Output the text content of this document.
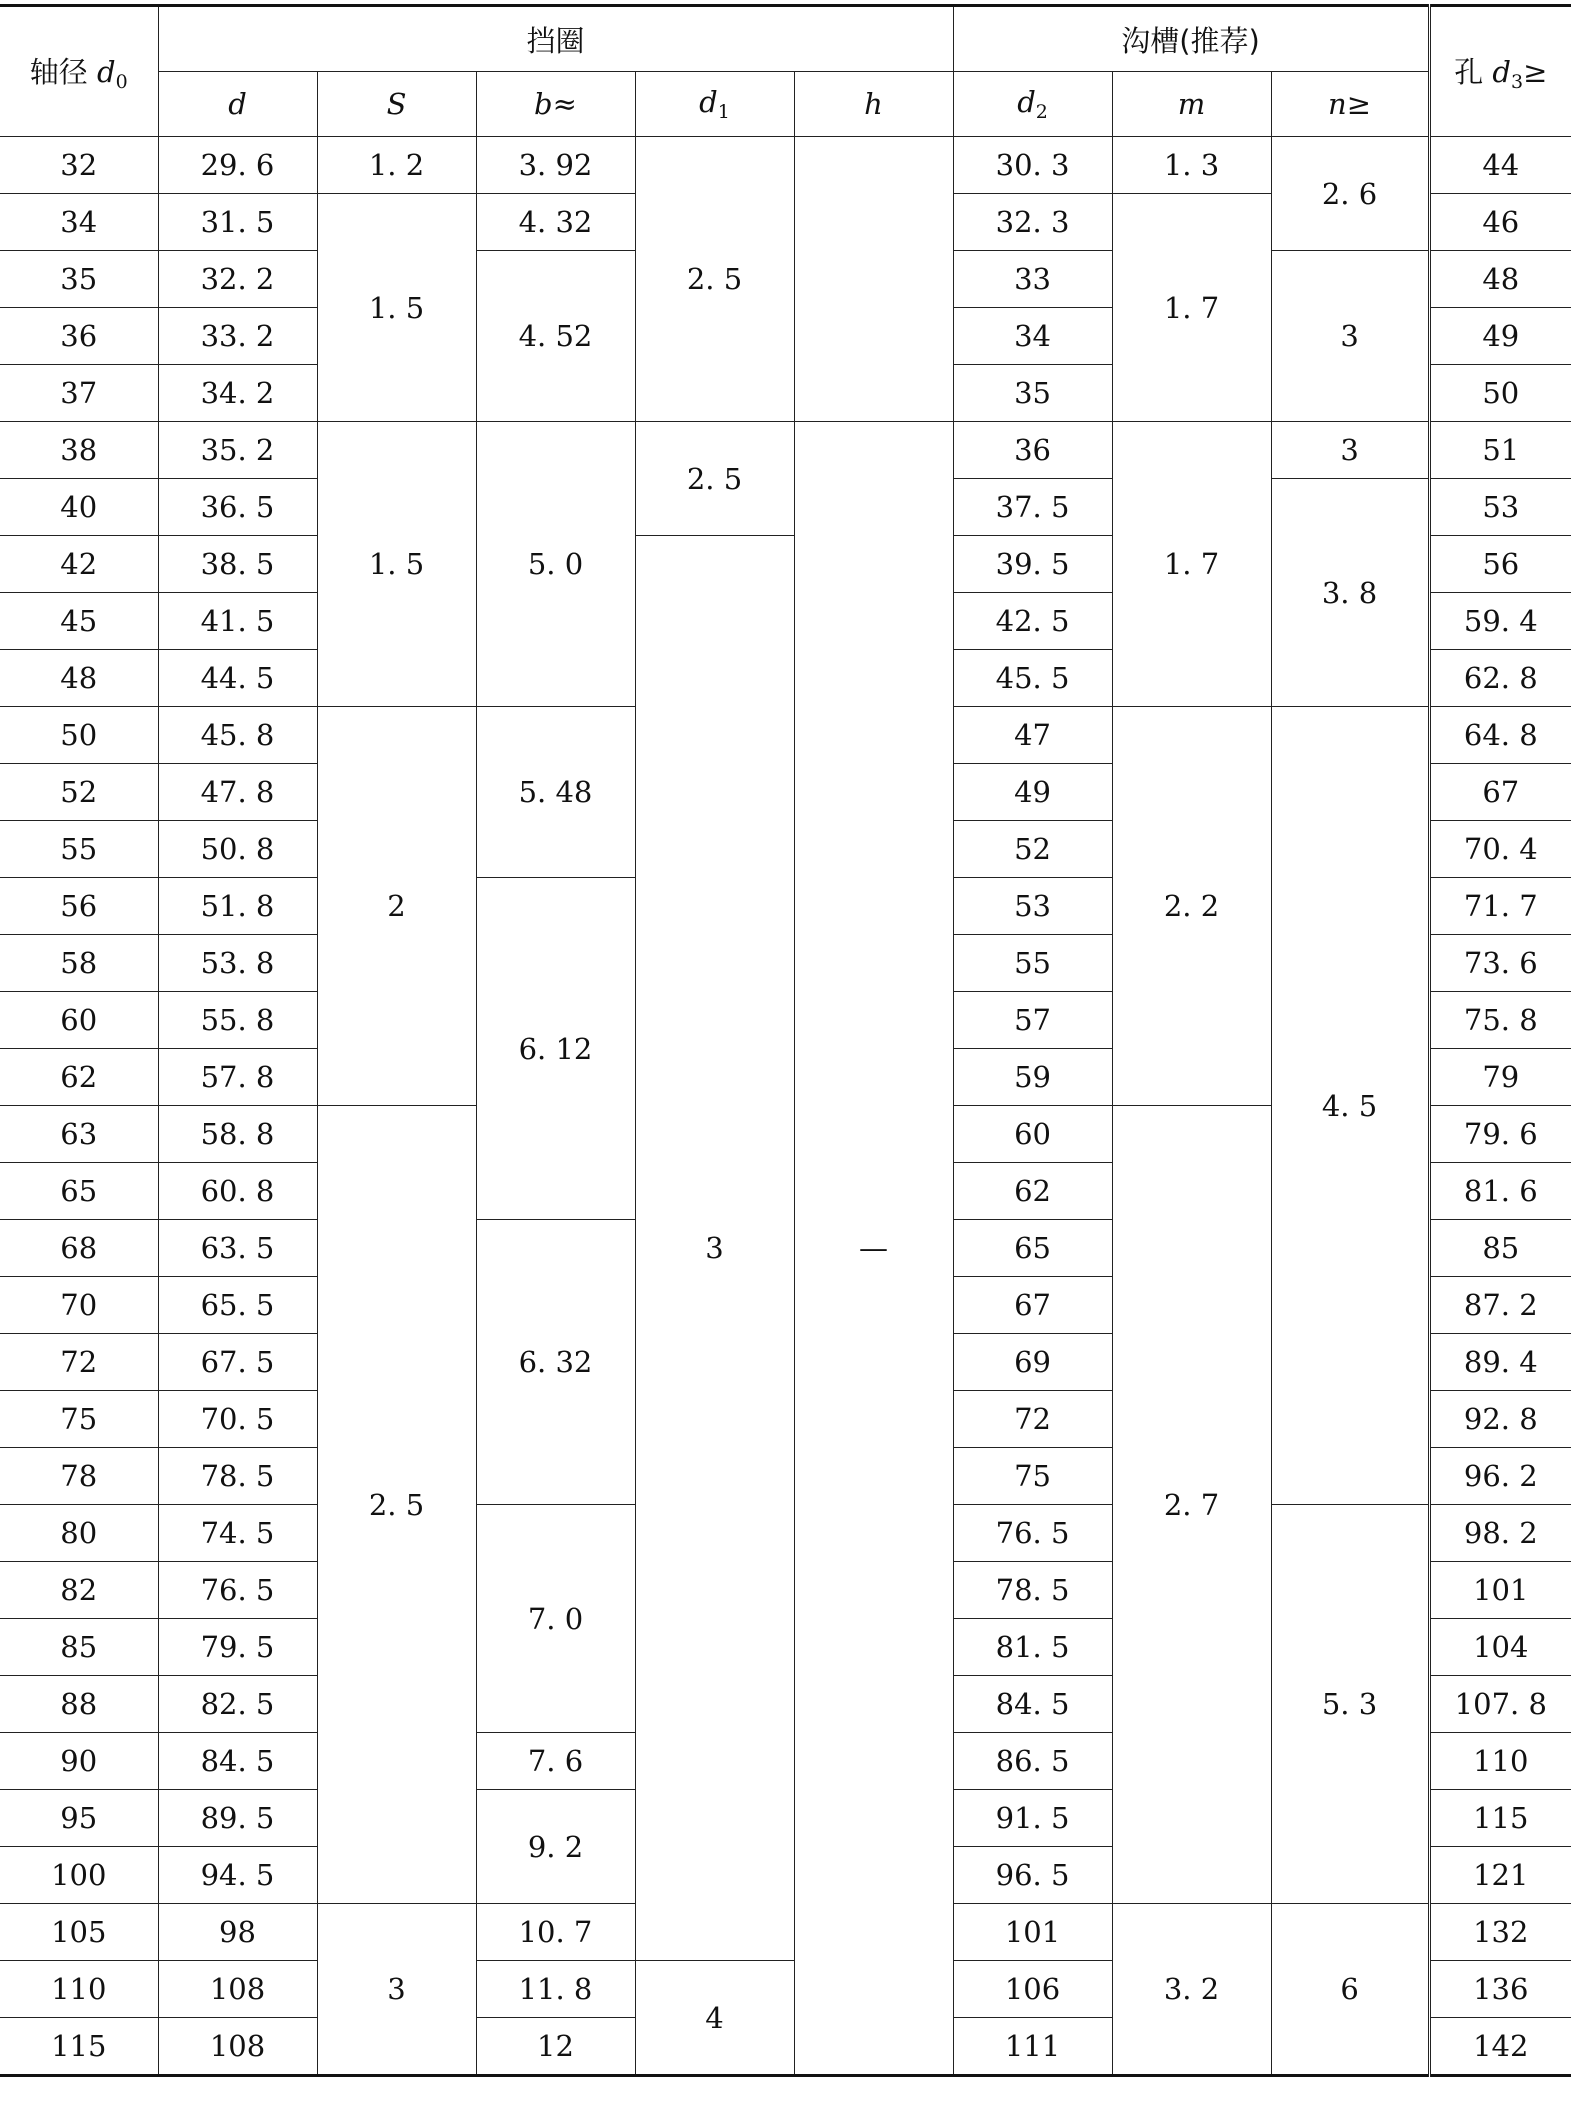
轴径 $d_0$	挡圈					沟槽(推荐)			孔 $d_3\ge$
	d	S	b≈	$d_1$	h	$d_2$	m	n≥	
32	29. 6	1. 2	3. 92	2. 5		30. 3	1. 3	2. 6	44
34	31. 5	1. 5	4. 32			32. 3	1. 7		46
35	32. 2		4. 52			33		3	48
36	33. 2					34			49
37	34. 2					35			50
38	35. 2	1. 5	5. 0	2. 5	—	36	1. 7	3	51
40	36. 5					37. 5		3. 8	53
42	38. 5			3		39. 5			56
45	41. 5					42. 5			59. 4
48	44. 5					45. 5			62. 8
50	45. 8	2	5. 48			47	2. 2	4. 5	64. 8
52	47. 8					49			67
55	50. 8					52			70. 4
56	51. 8		6. 12			53			71. 7
58	53. 8					55			73. 6
60	55. 8					57			75. 8
62	57. 8					59			79
63	58. 8	2. 5				60	2. 7		79. 6
65	60. 8					62			81. 6
68	63. 5		6. 32			65			85
70	65. 5					67			87. 2
72	67. 5					69			89. 4
75	70. 5					72			92. 8
78	78. 5					75			96. 2
80	74. 5		7. 0			76. 5		5. 3	98. 2
82	76. 5					78. 5			101
85	79. 5					81. 5			104
88	82. 5					84. 5			107. 8
90	84. 5		7. 6			86. 5			110
95	89. 5		9. 2			91. 5			115
100	94. 5					96. 5			121
105	98	3	10. 7			101	3. 2	6	132
110	108		11. 8	4		106			136
115	108		12			111			142
